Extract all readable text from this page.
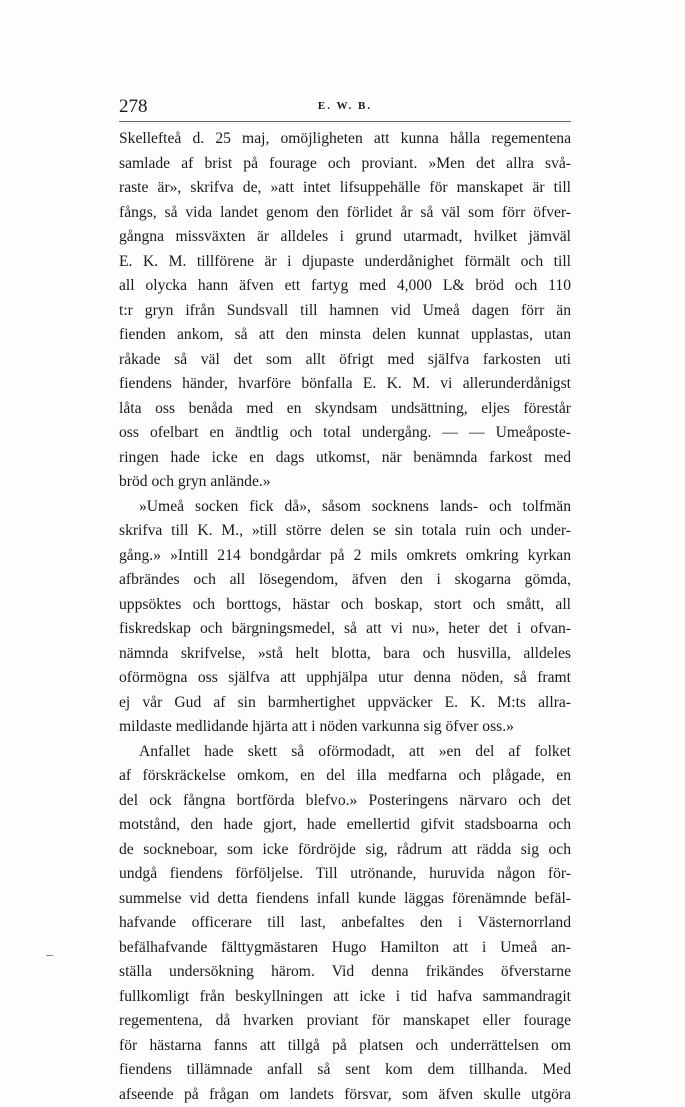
278	E. W. B.
Skellefteå d. 25 maj, omöjligheten att kunna hålla regementena
samlade af brist på fourage och proviant. »Men det allra svå-
raste är», skrifva de, »att intet lifsuppehälle för manskapet är till
fångs, så vida landet genom den förlidet år så väl som förr öfver-
gångna missväxten är alldeles i grund utarmadt, hvilket jämväl
E. K. M. tillförene är i djupaste underdånighet förmält och till
all olycka hann äfven ett fartyg med 4,000 L& bröd och 110
t:r gryn ifrån Sundsvall till hamnen vid Umeå dagen förr än
fienden ankom, så att den minsta delen kunnat upplastas, utan
råkade så väl det som allt öfrigt med själfva farkosten uti
fiendens händer, hvarföre bönfalla E. K. M. vi allerunderdånigst
låta oss benåda med en skyndsam undsättning, eljes förestår
oss ofelbart en ändtlig och total undergång. — — Umeåposte-
ringen hade icke en dags utkomst, när benämnda farkost med
bröd och gryn anlände.»
»Umeå socken fick då», såsom socknens lands- och tolfmän
skrifva till K. M., »till större delen se sin totala ruin och under-
gång.» »Intill 214 bondgårdar på 2 mils omkrets omkring kyrkan
afbrändes och all lösegendom, äfven den i skogarna gömda,
uppsöktes och borttogs, hästar och boskap, stort och smått, all
fiskredskap och bärgningsmedel, så att vi nu», heter det i ofvan-
nämnda skrifvelse, »stå helt blotta, bara och husvilla, alldeles
oförmögna oss själfva att upphjälpa utur denna nöden, så framt
ej vår Gud af sin barmhertighet uppväcker E. K. M:ts allra-
mildaste medlidande hjärta att i nöden varkunna sig öfver oss.»
Anfallet hade skett så oförmodadt, att »en del af folket
af förskräckelse omkom, en del illa medfarna och plågade, en
del ock fångna bortförda blefvo.» Posteringens närvaro och det
motstånd, den hade gjort, hade emellertid gifvit stadsboarna och
de sockneboar, som icke fördröjde sig, rådrum att rädda sig och
undgå fiendens förföljelse. Till utrönande, huruvida någon för-
summelse vid detta fiendens infall kunde läggas förenämnde befäl-
hafvande officerare till last, anbefaltes den i Västernorrland
befälhafvande fälttygmästaren Hugo Hamilton att i Umeå an-
ställa undersökning härom. Vid denna frikändes öfverstarne
fullkomligt från beskyllningen att icke i tid hafva sammandragit
regementena, då hvarken proviant för manskapet eller fourage
för hästarna fanns att tillgå på platsen och underrättelsen om
fiendens tillämnade anfall så sent kom dem tillhanda. Med
afseende på frågan om landets försvar, som äfven skulle utgöra
